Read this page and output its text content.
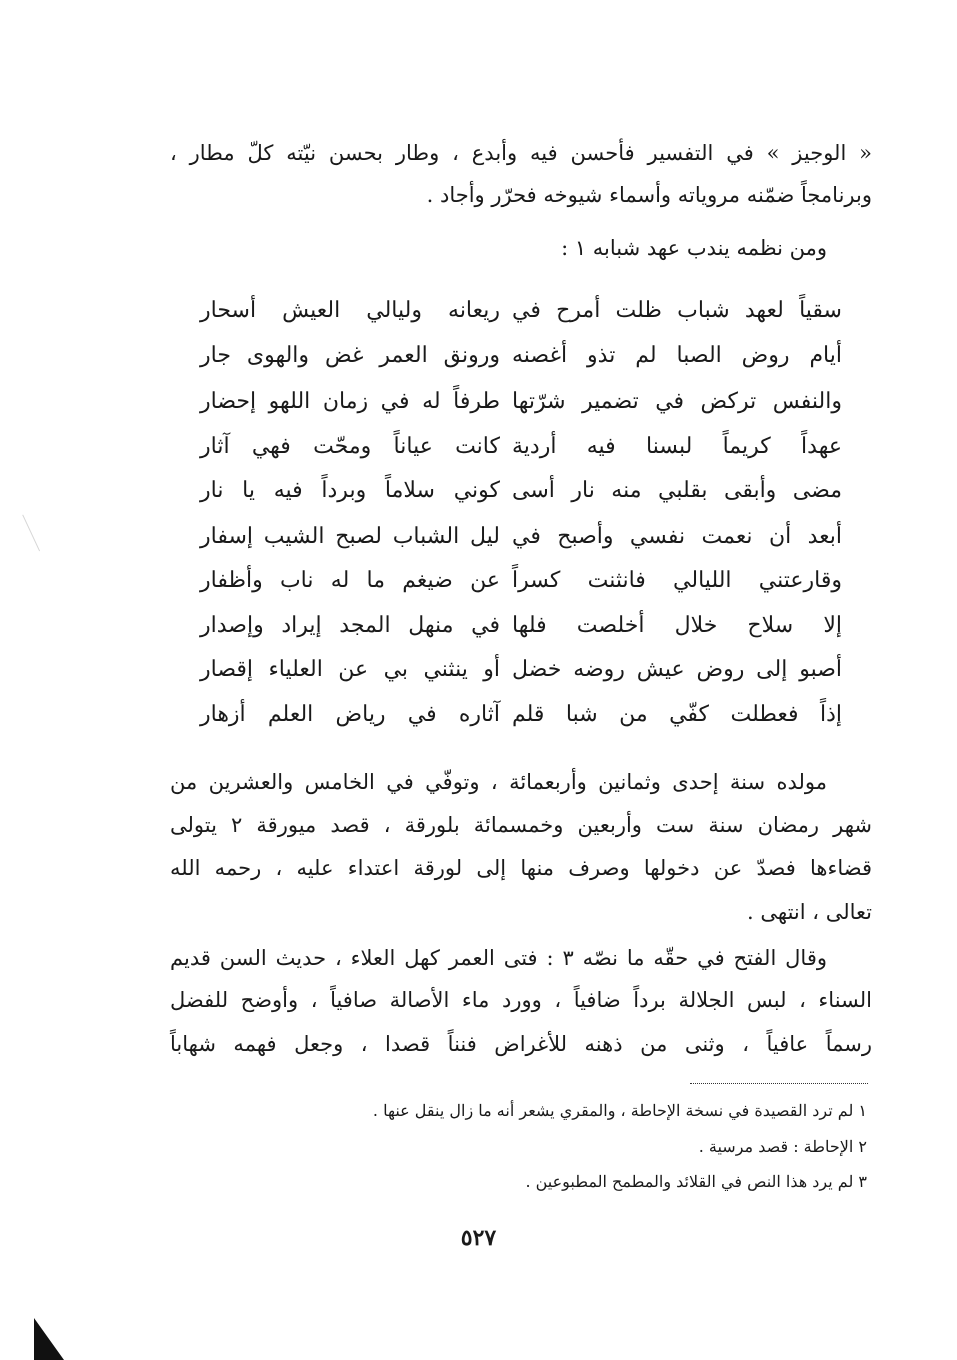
« الوجيز » في التفسير فأحسن فيه وأبدع ، وطار بحسن نيّته كلّ مطار ،
وبرنامجاً ضمّنه مروياته وأسماء شيوخه فحرّر وأجاد .
ومن نظمه يندب عهد شبابه ١ :
سقياً لعهد شباب ظلت أمرح في
ريعانه وليالي العيش أسحار
أيام روض الصبا لم تذو أغصنه
ورونق العمر غض والهوى جار
والنفس تركض في تضمير شرّتها
طرفاً له في زمان اللهو إحضار
عهداً كريماً لبسنا فيه أردية
كانت عياناً ومحّت فهي آثار
مضى وأبقى بقلبي منه نار أسى
كوني سلاماً وبرداً فيه يا نار
أبعد أن نعمت نفسي وأصبح في
ليل الشباب لصبح الشيب إسفار
وقارعتني الليالي فانثنت كسراً
عن ضيغم ما له ناب وأظفار
إلا سلاح خلال أخلصت فلها
في منهل المجد إيراد وإصدار
أصبو إلى روض عيش روضه خضل
أو ينثني بي عن العلياء إقصار
إذاً فعطلت كفّي من شبا قلم
آثاره في رياض العلم أزهار
مولده سنة إحدى وثمانين وأربعمائة ، وتوفّي في الخامس والعشرين من
شهر رمضان سنة ست وأربعين وخمسمائة بلورقة ، قصد ميورقة ٢ يتولى
قضاءها فصدّ عن دخولها وصرف منها إلى لورقة اعتداء عليه ، رحمه الله
تعالى ، انتهى .
وقال الفتح في حقّه ما نصّه ٣ : فتى العمر كهل العلاء ، حديث السن قديم
السناء ، لبس الجلالة برداً ضافياً ، وورد ماء الأصالة صافياً ، وأوضح للفضل
رسماً عافياً ، وثنى من ذهنه للأغراض فنناً قصدا ، وجعل فهمه شهاباً
١ لم ترد القصيدة في نسخة الإحاطة ، والمقري يشعر أنه ما زال ينقل عنها .
٢ الإحاطة : قصد مرسية .
٣ لم يرد هذا النص في القلائد والمطمح المطبوعين .
٥٢٧
